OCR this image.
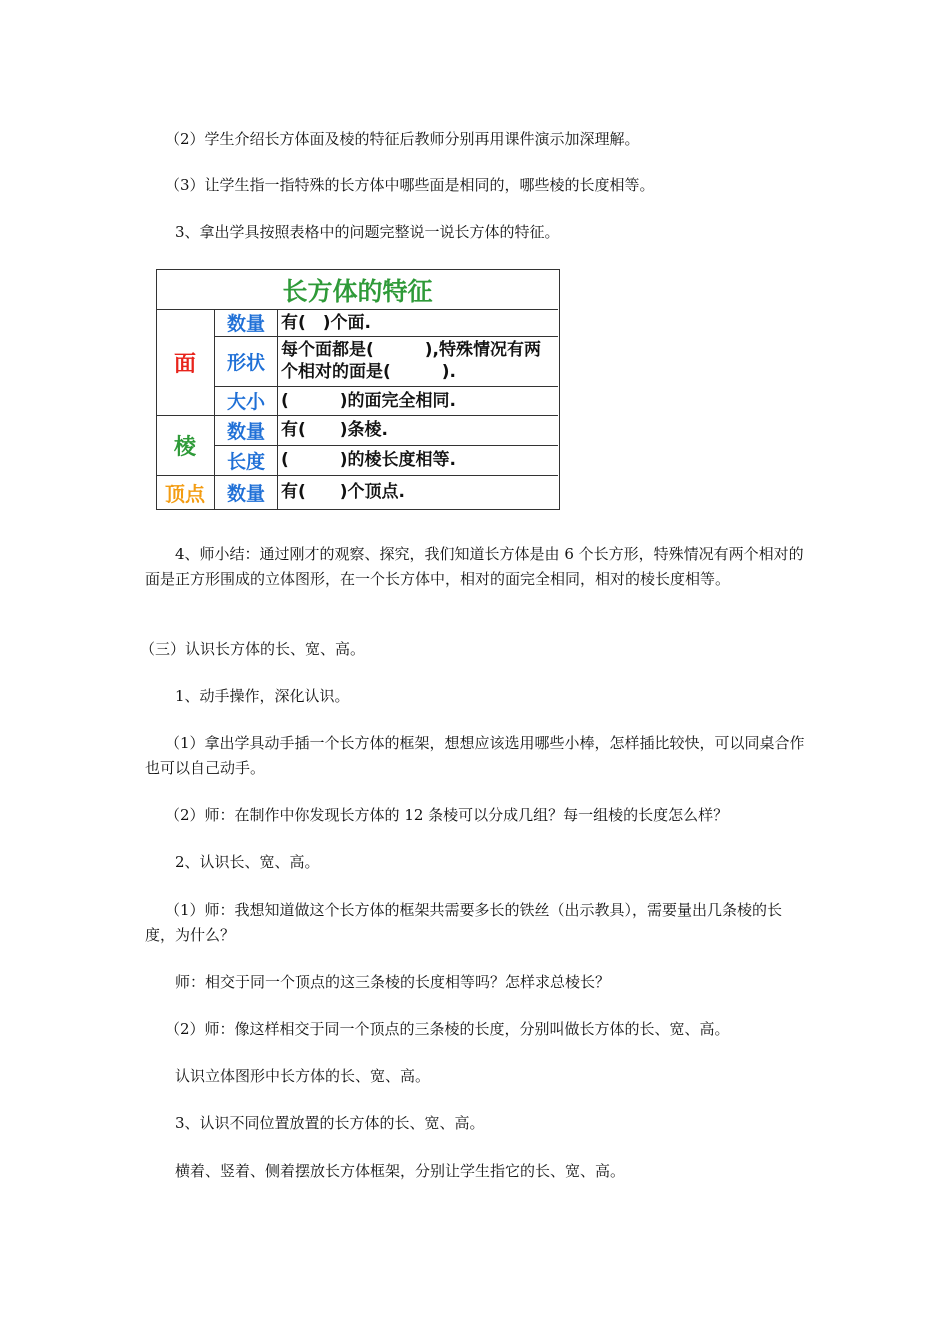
（2）学生介绍长方体面及棱的特征后教师分别再用课件演示加深理解。

（3）让学生指一指特殊的长方体中哪些面是相同的，哪些棱的长度相等。

3、拿出学具按照表格中的问题完整说一说长方体的特征。

长方体的特征
面
棱
顶点
数量 有(　)个面.
形状
每个面都是(　　　),特殊情况有两个相对的面是(　　　).
大小 (　　　)的面完全相同.
数量 有(　　)条棱.
长度 (　　　)的棱长度相等.
数量 有(　　)个顶点.

4、师小结：通过刚才的观察、探究，我们知道长方体是由 6 个长方形，特殊情况有两个相对的面是正方形围成的立体图形，在一个长方体中，相对的面完全相同，相对的棱长度相等。

（三）认识长方体的长、宽、高。

1、动手操作，深化认识。

（1）拿出学具动手插一个长方体的框架，想想应该选用哪些小棒，怎样插比较快，可以同桌合作也可以自己动手。

（2）师：在制作中你发现长方体的 12 条棱可以分成几组？每一组棱的长度怎么样？

2、认识长、宽、高。

（1）师：我想知道做这个长方体的框架共需要多长的铁丝（出示教具），需要量出几条棱的长度，为什么？

师：相交于同一个顶点的这三条棱的长度相等吗？怎样求总棱长？

（2）师：像这样相交于同一个顶点的三条棱的长度，分别叫做长方体的长、宽、高。

认识立体图形中长方体的长、宽、高。

3、认识不同位置放置的长方体的长、宽、高。

横着、竖着、侧着摆放长方体框架，分别让学生指它的长、宽、高。
